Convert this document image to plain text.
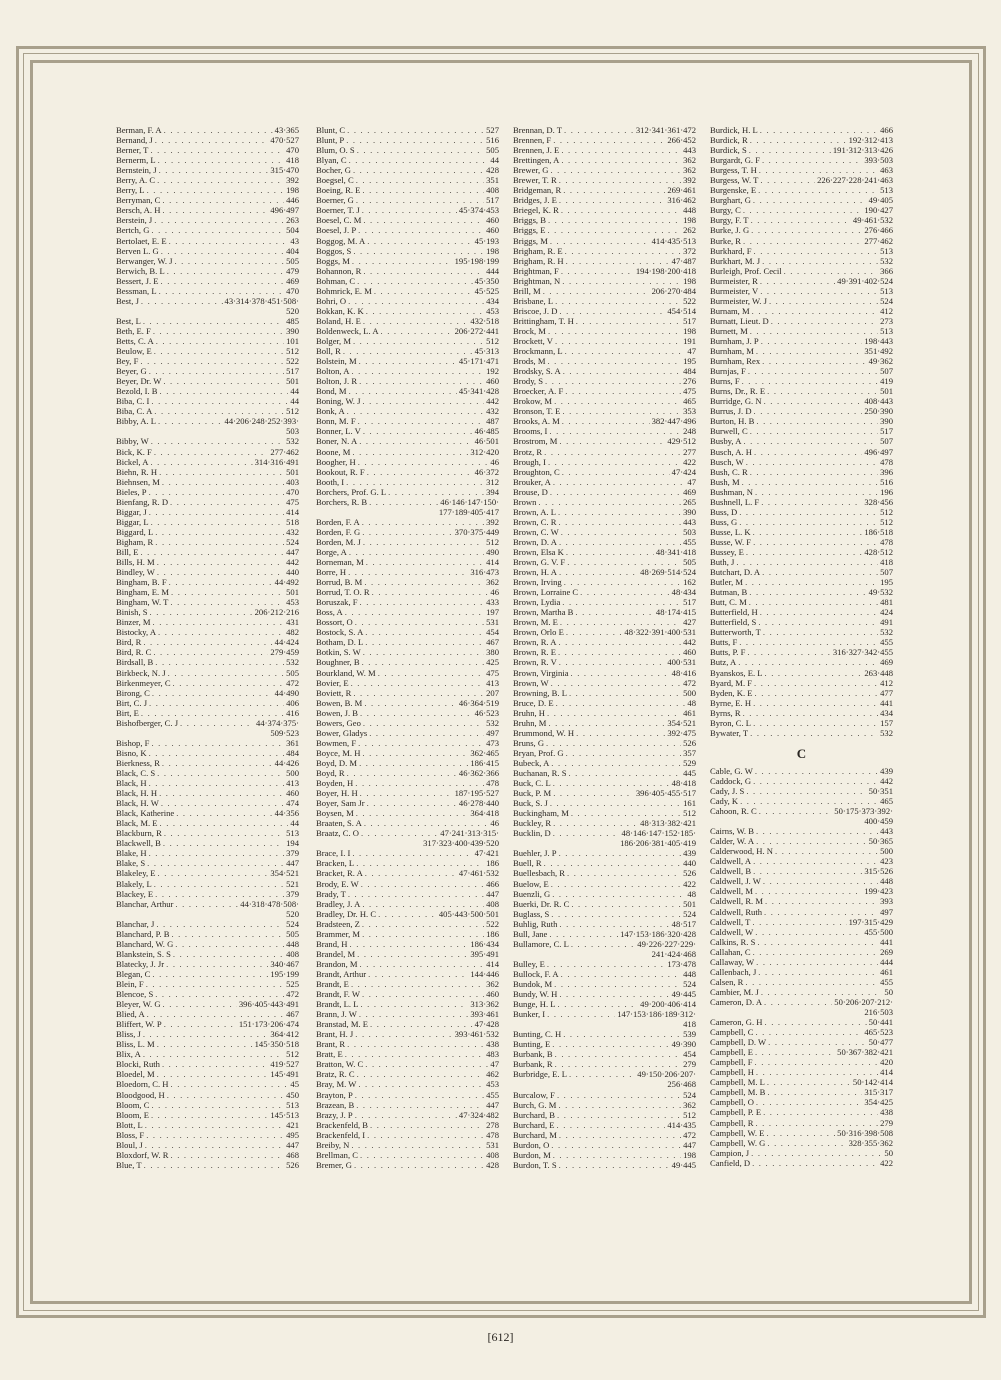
Berman, F. A . . .	43·365
Bernand, J . . .	470·527
Berner, T . . .	470
Bernerm, L . . .	418
Bernstein, J . . .	315·470
Berry, A. C . . .	392
Berry, L . . .	198
Berryman, C . . .	446
Bersch, A. H . . .	496·497
Berstein, J . . .	263
Bertch, G . . .	504
Bertolaet, E. E . . .	43
Berven L. G . . .	404
Berwanger, W. J . . .	505
Berwich, B. L . . .	479
Bessert, J. E . . .	469
Bessman, L . . .	470
Best, J . . .	43·314·378·451·508·
520
Best, L . . .	485
Beth, E. F . . .	390
Betts, C. A . . .	101
Beulow, E . . .	512
Bey, F . . .	522
Beyer, G . . .	517
Beyer, Dr. W . . .	501
Bezold, I. B . . .	44
Biba, C. I . . .	44
Biba, C. A . . .	512
Bibby, A. L . . .	44·206·248·252·393·
503
Bibby, W . . .	532
Bick, K. F . . .	277·462
Bickel, A . . .	314·316·491
Biehn, R. H . . .	501
Biehnsen, M . . .	403
Bieles, P . . .	470
Bienfang, R. D . . .	475
Biggar, J . . .	414
Biggar, L . . .	518
Biggard, L . . .	432
Bigham, R . . .	524
Bill, E . . .	447
Bills, H. M . . .	442
Bindley, W . . .	440
Bingham, B. F . . .	44·492
Bingham, E. M . . .	501
Bingham, W. T . . .	453
Binish, S . . .	206·212·216
Binzer, M . . .	431
Bistocky, A . . .	482
Bird, R . . .	44·424
Bird, R. C . . .	279·459
Birdsall, B . . .	532
Birkbeck, N. J . . .	505
Birkenmeyer, C . . .	472
Birong, C . . .	44·490
Birt, C. J . . .	406
Birt, E . . .	416
Bishofberger, C. J . . .	44·374·375·
509·523
Bishop, F . . .	361
Bisno, K . . .	484
Bierkness, R . . .	44·426
Black, C. S . . .	500
Black, H . . .	413
Black, H. H . . .	460
Black, H. W . . .	474
Black, Katherine . . .	44·356
Black, M. E . . .	44
Blackburn, R . . .	513
Blackwell, B . . .	194
Blake, H . . .	379
Blake, S . . .	447
Blakeley, E . . .	354·521
Blakely, L . . .	521
Blackey, E . . .	379
Blanchar, Arthur . . .	44·318·478·508·
520
Blanchar, J . . .	524
Blanchard, P. B . . .	505
Blanchard, W. G . . .	448
Blankstein, S. S . . .	408
Blatecky, J. Jr . . .	340·467
Blegan, C . . .	195·199
Blein, F . . .	525
Blencoe, S . . .	472
Bleyer, W. G . . .	396·405·443·491
Blied, A . . .	467
Bliffert, W. P . . .	151·173·206·474
Bliss, J . . .	364·412
Bliss, L. M . . .	145·350·518
Blix, A . . .	512
Blocki, Ruth . . .	419·527
Bloedel, M . . .	145·491
Bloedorn, C. H . . .	45
Bloodgood, H . . .	450
Bloom, C . . .	513
Bloom, E . . .	145·513
Blott, L . . .	421
Bloss, F . . .	495
Bloul, J . . .	447
Bloxdorf, W. R . . .	468
Blue, T . . .	526
Blunt, C . . .	527
Blunt, P . . .	516
Blum, O. S . . .	505
Blyan, C . . .	44
Bocher, G . . .	428
Boegsel, C . . .	351
Boeing, R. E . . .	408
Boerner, G . . .	517
Boerner, T. J . . .	45·374·453
Boesel, C. M . . .	460
Boesel, J. P . . .	460
Boggog, M. A . . .	45·193
Boggos, S . . .	198
Boggs, M . . .	195·198·199
Bohannon, R . . .	444
Bohman, C . . .	45·350
Bohmrick, E. M . . .	45·525
Bohri, O . . .	434
Bokkan, K. K . . .	453
Boland, H. E . . .	432·518
Boldenweck, L. A . . .	206·272·441
Bolger, M . . .	512
Boll, R . . .	45·313
Bolstein, M . . .	45·171·471
Bolton, A . . .	192
Bolton, J. R . . .	460
Bond, M . . .	45·341·428
Boning, W. J . . .	442
Bonk, A . . .	432
Bonn, M. F . . .	487
Bonner, L. V . . .	46·485
Boner, N. A . . .	46·501
Boone, M . . .	312·420
Boogher, H . . .	46
Bookout, R. F . . .	46·372
Booth, I . . .	312
Borchers, Prof. G. L . . .	394
Borchers, R. B . . .	46·146·147·150·
177·189·405·417
Borden, F. A . . .	392
Borden, F. G . . .	370·375·449
Borden, M. J . . .	512
Borge, A . . .	490
Borneman, M . . .	414
Borre, H . . .	316·473
Borrud, B. M . . .	362
Borrud, T. O. R . . .	46
Boruszak, F . . .	433
Boss, A . . .	197
Bossort, O . . .	531
Bostock, S. A . . .	454
Botham, D. L . . .	467
Botkin, S. W . . .	380
Boughner, B . . .	425
Bourkland, W. M . . .	475
Bovier, E . . .	413
Boviett, R . . .	207
Bowen, B. M . . .	46·364·519
Bowen, J. B . . .	46·523
Bowers, Geo . . .	532
Bower, Gladys . . .	497
Bowmen, F . . .	473
Boyce, M. H . . .	362·465
Boyd, D. M . . .	186·415
Boyd, R . . .	46·362·366
Boyden, H . . .	478
Boyer, H. H . . .	187·195·527
Boyer, Sam Jr . . .	46·278·440
Boysen, M . . .	364·418
Braaten, S. A . . .	46
Braatz, C. O . . .	47·241·313·315·
317·323·400·439·520
Brace, I. I . . .	47·421
Bracken, L . . .	186
Bracket, R. A . . .	47·461·532
Brody, E. W . . .	466
Brady, T . . .	447
Bradley, J. A . . .	408
Bradley, Dr. H. C . . .	405·443·500·501
Bradsteen, Z . . .	522
Brammer, M . . .	186
Brand, H . . .	186·434
Brandel, M . . .	395·491
Brandon, M . . .	414
Brandt, Arthur . . .	144·446
Brandt, E . . .	362
Brandt, F. W . . .	460
Brandt, L. L . . .	313·362
Brann, J. W . . .	393·461
Branstad, M. E . . .	47·428
Brant, H. J . . .	393·461·532
Brant, R . . .	438
Bratt, E . . .	483
Bratton, W. C . . .	47
Bratz, R. C . . .	462
Bray, M. W . . .	453
Brayton, P . . .	455
Brazean, B . . .	447
Brazy, J. P . . .	47·324·482
Brackenfeld, B . . .	278
Brackenfeld, I . . .	478
Breiby, N . . .	531
Brellman, C . . .	408
Bremer, G . . .	428
Brennan, D. T . . .	312·341·361·472
Brennen, F . . .	266·452
Brennen, J. E . . .	443
Brettingen, A . . .	362
Brewer, G . . .	362
Brewer, T. R . . .	392
Bridgeman, R . . .	269·461
Bridges, J. E . . .	316·462
Briegel, K. R . . .	448
Briggs, B . . .	198
Briggs, E . . .	262
Briggs, M . . .	414·435·513
Brigham, R. E . . .	372
Brigham, R. H . . .	47·487
Brightman, F . . .	194·198·200·418
Brightman, N . . .	198
Brill, M . . .	206·270·484
Brisbane, L . . .	522
Briscoe, J. D . . .	454·514
Brittingham, T. H . . .	517
Brock, M . . .	198
Brockett, V . . .	191
Brockmann, L . . .	47
Brods, M . . .	195
Brodsky, S. A . . .	484
Brody, S . . .	276
Broecker, A. F . . .	475
Brokow, M . . .	465
Bronson, T. E . . .	353
Brooks, A. M . . .	382·447·496
Brooms, I . . .	248
Brostrom, M . . .	429·512
Brotz, R . . .	277
Brough, I . . .	422
Broughton, C . . .	47·424
Brouker, A . . .	47
Brouse, D . . .	469
Brown . . .	265
Brown, A. L . . .	390
Brown, C. R . . .	443
Brown, C. W . . .	503
Brown, D. A . . .	455
Brown, Elsa K . . .	48·341·418
Brown, G. V. F . . .	505
Brown, H. A . . .	48·269·514·524
Brown, Irving . . .	162
Brown, Lorraine C . . .	48·434
Brown, Lydia . . .	517
Brown, Martha B . . .	48·174·415
Brown, M. E . . .	427
Brown, Orlo E . . .	48·322·391·400·531
Brown, R. A . . .	442
Brown, R. E . . .	460
Brown, R. V . . .	400·531
Brown, Virginia . . .	48·416
Brown, W . . .	472
Browning, B. L . . .	500
Bruce, D. E . . .	48
Bruhn, H . . .	461
Bruhn, M . . .	354·521
Brummond, W. H . . .	392·475
Bruns, G . . .	526
Bryan, Prof. G . . .	357
Bubeck, A . . .	529
Buchanan, R. S . . .	445
Buck, C. L . . .	48·418
Buck, P. M . . .	396·405·455·517
Buck, S. J . . .	161
Buckingham, M . . .	512
Buckley, R . . .	48·313·382·421
Bucklin, D . . .	48·146·147·152·185·
186·206·381·405·419
Buehler, J. P . . .	439
Buell, R . . .	440
Buellesbach, R . . .	526
Buelow, E . . .	422
Buenzli, G . . .	48
Buerki, Dr. R. C . . .	501
Buglass, S . . .	524
Buhlig, Ruth . . .	48·517
Bull, Jane . . .	147·153·186·320·428
Bullamore, C. L . . .	49·226·227·229·
241·424·468
Bulley, E . . .	173·478
Bullock, F. A . . .	448
Bundok, M . . .	524
Bundy, W. H . . .	49·445
Bunge, H. L . . .	49·200·406·414
Bunker, I . . .	147·153·186·189·312·
418
Bunting, C. H . . .	539
Bunting, E . . .	49·390
Burbank, B . . .	454
Burbank, R . . .	279
Burbridge, E. L . . .	49·150·206·207·
256·468
Burcalow, F . . .	524
Burch, G. M . . .	362
Burchard, B . . .	512
Burchard, E . . .	414·435
Burchard, M . . .	472
Burdon, O . . .	447
Burdon, M . . .	198
Burdon, T. S . . .	49·445
Burdick, H. L . . .	466
Burdick, R . . .	192·312·413
Burdick, S . . .	191·312·313·426
Burgardt, G. F . . .	393·503
Burgess, T. H . . .	463
Burgess, W. T . . .	226·227·228·241·463
Burgenske, E . . .	513
Burghart, G . . .	49·405
Burgy, C . . .	190·427
Burgy, F. T . . .	49·461·532
Burke, J. G . . .	276·466
Burke, R . . .	277·462
Burkhard, F . . .	513
Burkhart, M. J . . .	532
Burleigh, Prof. Cecil . . .	366
Burmeister, R . . .	49·391·402·524
Burmeister, V . . .	513
Burmeister, W. J . . .	524
Burnam, M . . .	412
Burnatt, Lieut. D . . .	273
Burnett, M . . .	513
Burnham, J. P . . .	198·443
Burnham, M . . .	351·492
Burnham, Rex . . .	49·362
Burnjas, F . . .	507
Burns, F . . .	419
Burns, Dr., R. E . . .	501
Burridge, G. N . . .	408·443
Burrus, J. D . . .	250·390
Burton, H. B . . .	390
Burwell, C . . .	517
Busby, A . . .	507
Busch, A. H . . .	496·497
Busch, W . . .	478
Bush, C. R . . .	396
Bush, M . . .	516
Bushman, N . . .	196
Bushnell, L. F . . .	328·456
Buss, D . . .	512
Buss, G . . .	512
Busse, L. K . . .	186·518
Busse, W. F . . .	478
Bussey, E . . .	428·512
Buth, J . . .	418
Butchart, D. A . . .	507
Butler, M . . .	195
Butman, B . . .	49·532
Butt, C. M . . .	481
Butterfield, H . . .	424
Butterfield, S . . .	491
Butterworth, T . . .	532
Butts, F . . .	455
Butts, P. F . . .	316·327·342·455
Butz, A . . .	469
Byanskos, E. L . . .	263·448
Byard, M. F . . .	412
Byden, K. E . . .	477
Byrne, E. H . . .	441
Byrns, R . . .	434
Byron, C. L . . .	157
Bywater, T . . .	532
C
Cable, G. W . . .	439
Caddock, G . . .	442
Cady, J. S . . .	50·351
Cady, K . . .	465
Cahoon, R. C . . .	50·175·373·392·
400·459
Cairns, W. B . . .	443
Calder, W. A . . .	50·365
Calderwood, H. N . . .	500
Caldwell, A . . .	423
Caldwell, B . . .	315·526
Caldwell, J. W . . .	448
Caldwell, M . . .	199·423
Caldwell, R. M . . .	393
Caldwell, Ruth . . .	497
Caldwell, T . . .	197·315·429
Caldwell, W . . .	455·500
Calkins, R. S . . .	441
Callahan, C . . .	269
Callaway, W . . .	444
Callenbach, J . . .	461
Calsen, R . . .	455
Cambier, M. J . . .	50
Cameron, D. A . . .	50·206·207·212·
216·503
Cameron, G. H . . .	50·441
Campbell, C . . .	465·523
Campbell, D. W . . .	50·477
Campbell, E . . .	50·367·382·421
Campbell, F . . .	420
Campbell, H . . .	414
Campbell, M. L . . .	50·142·414
Campbell, M. B . . .	315·317
Campbell, O . . .	354·425
Campbell, P. E . . .	438
Campbell, R . . .	279
Campbell, W. E . . .	50·316·398·508
Campbell, W. G . . .	328·355·362
Campion, J . . .	50
Canfield, D . . .	422
[612]
